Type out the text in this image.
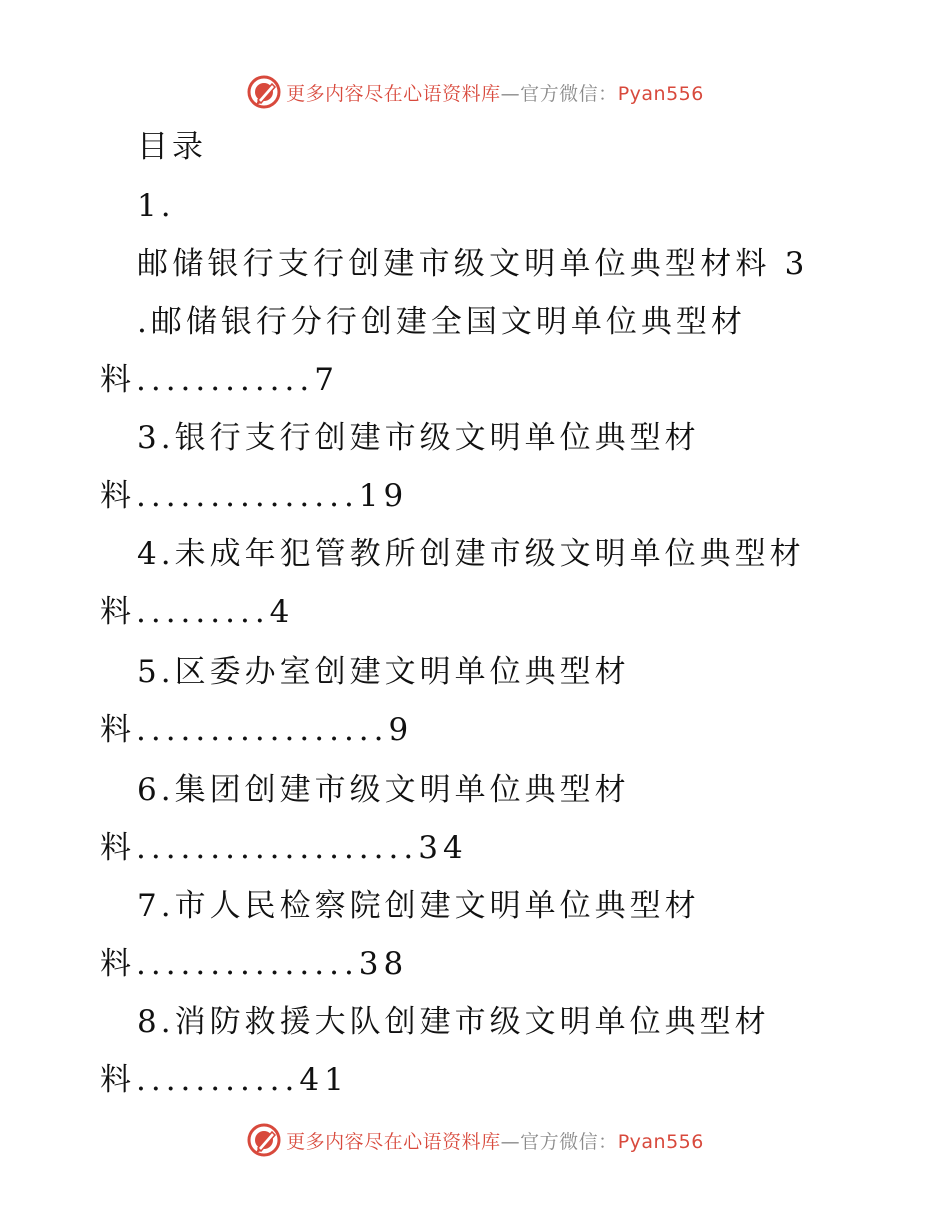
更多内容尽在心语资料库—官方微信：Pyan556
目录
1.
邮储银行支行创建市级文明单位典型材料 3
.邮储银行分行创建全国文明单位典型材
料............7
3.银行支行创建市级文明单位典型材
料...............19
4.未成年犯管教所创建市级文明单位典型材
料.........4
5.区委办室创建文明单位典型材
料.................9
6.集团创建市级文明单位典型材
料...................34
7.市人民检察院创建文明单位典型材
料...............38
8.消防救援大队创建市级文明单位典型材
料...........41
更多内容尽在心语资料库—官方微信：Pyan556
